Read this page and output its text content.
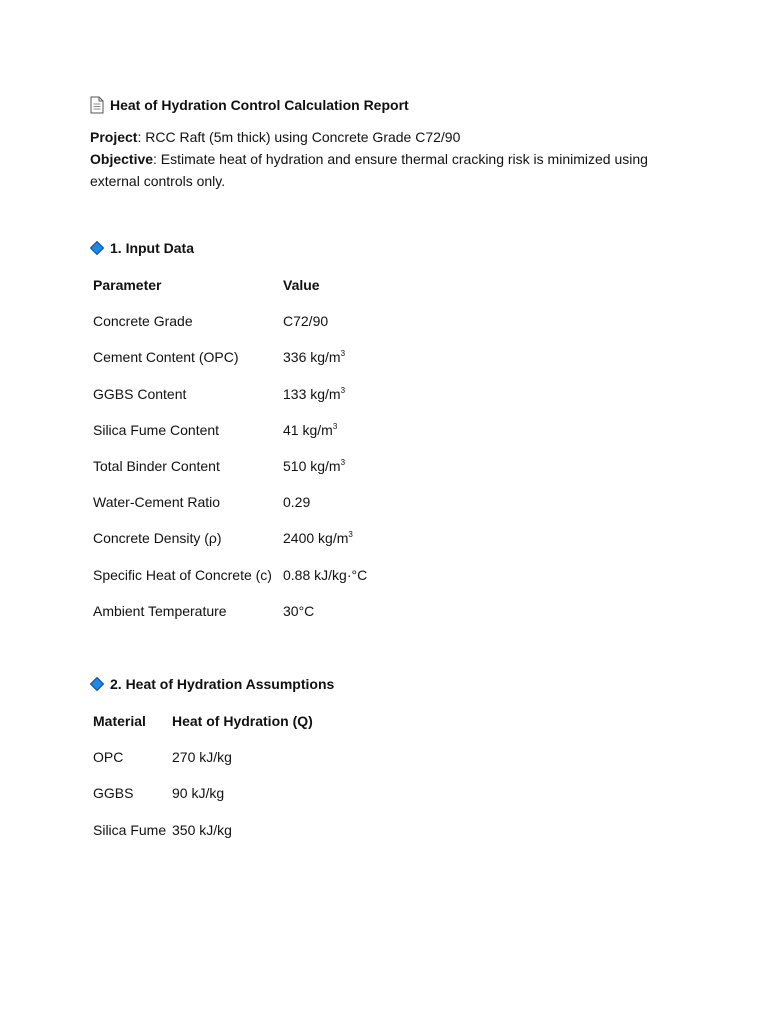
Heat of Hydration Control Calculation Report
Project: RCC Raft (5m thick) using Concrete Grade C72/90
Objective: Estimate heat of hydration and ensure thermal cracking risk is minimized using external controls only.
1. Input Data
Parameter	Value
Concrete Grade	C72/90
Cement Content (OPC)	336 $kg/m^3$
GGBS Content	133 $kg/m^3$
Silica Fume Content	41 $kg/m^3$
Total Binder Content	510 $kg/m^3$
Water-Cement Ratio	0.29
Concrete Density (ρ)	2400 $kg/m^3$
Specific Heat of Concrete (c)	0.88 kJ/kg·°C
Ambient Temperature	30°C
2. Heat of Hydration Assumptions
Material	Heat of Hydration (Q)
OPC	270 kJ/kg
GGBS	90 kJ/kg
Silica Fume	350 kJ/kg
